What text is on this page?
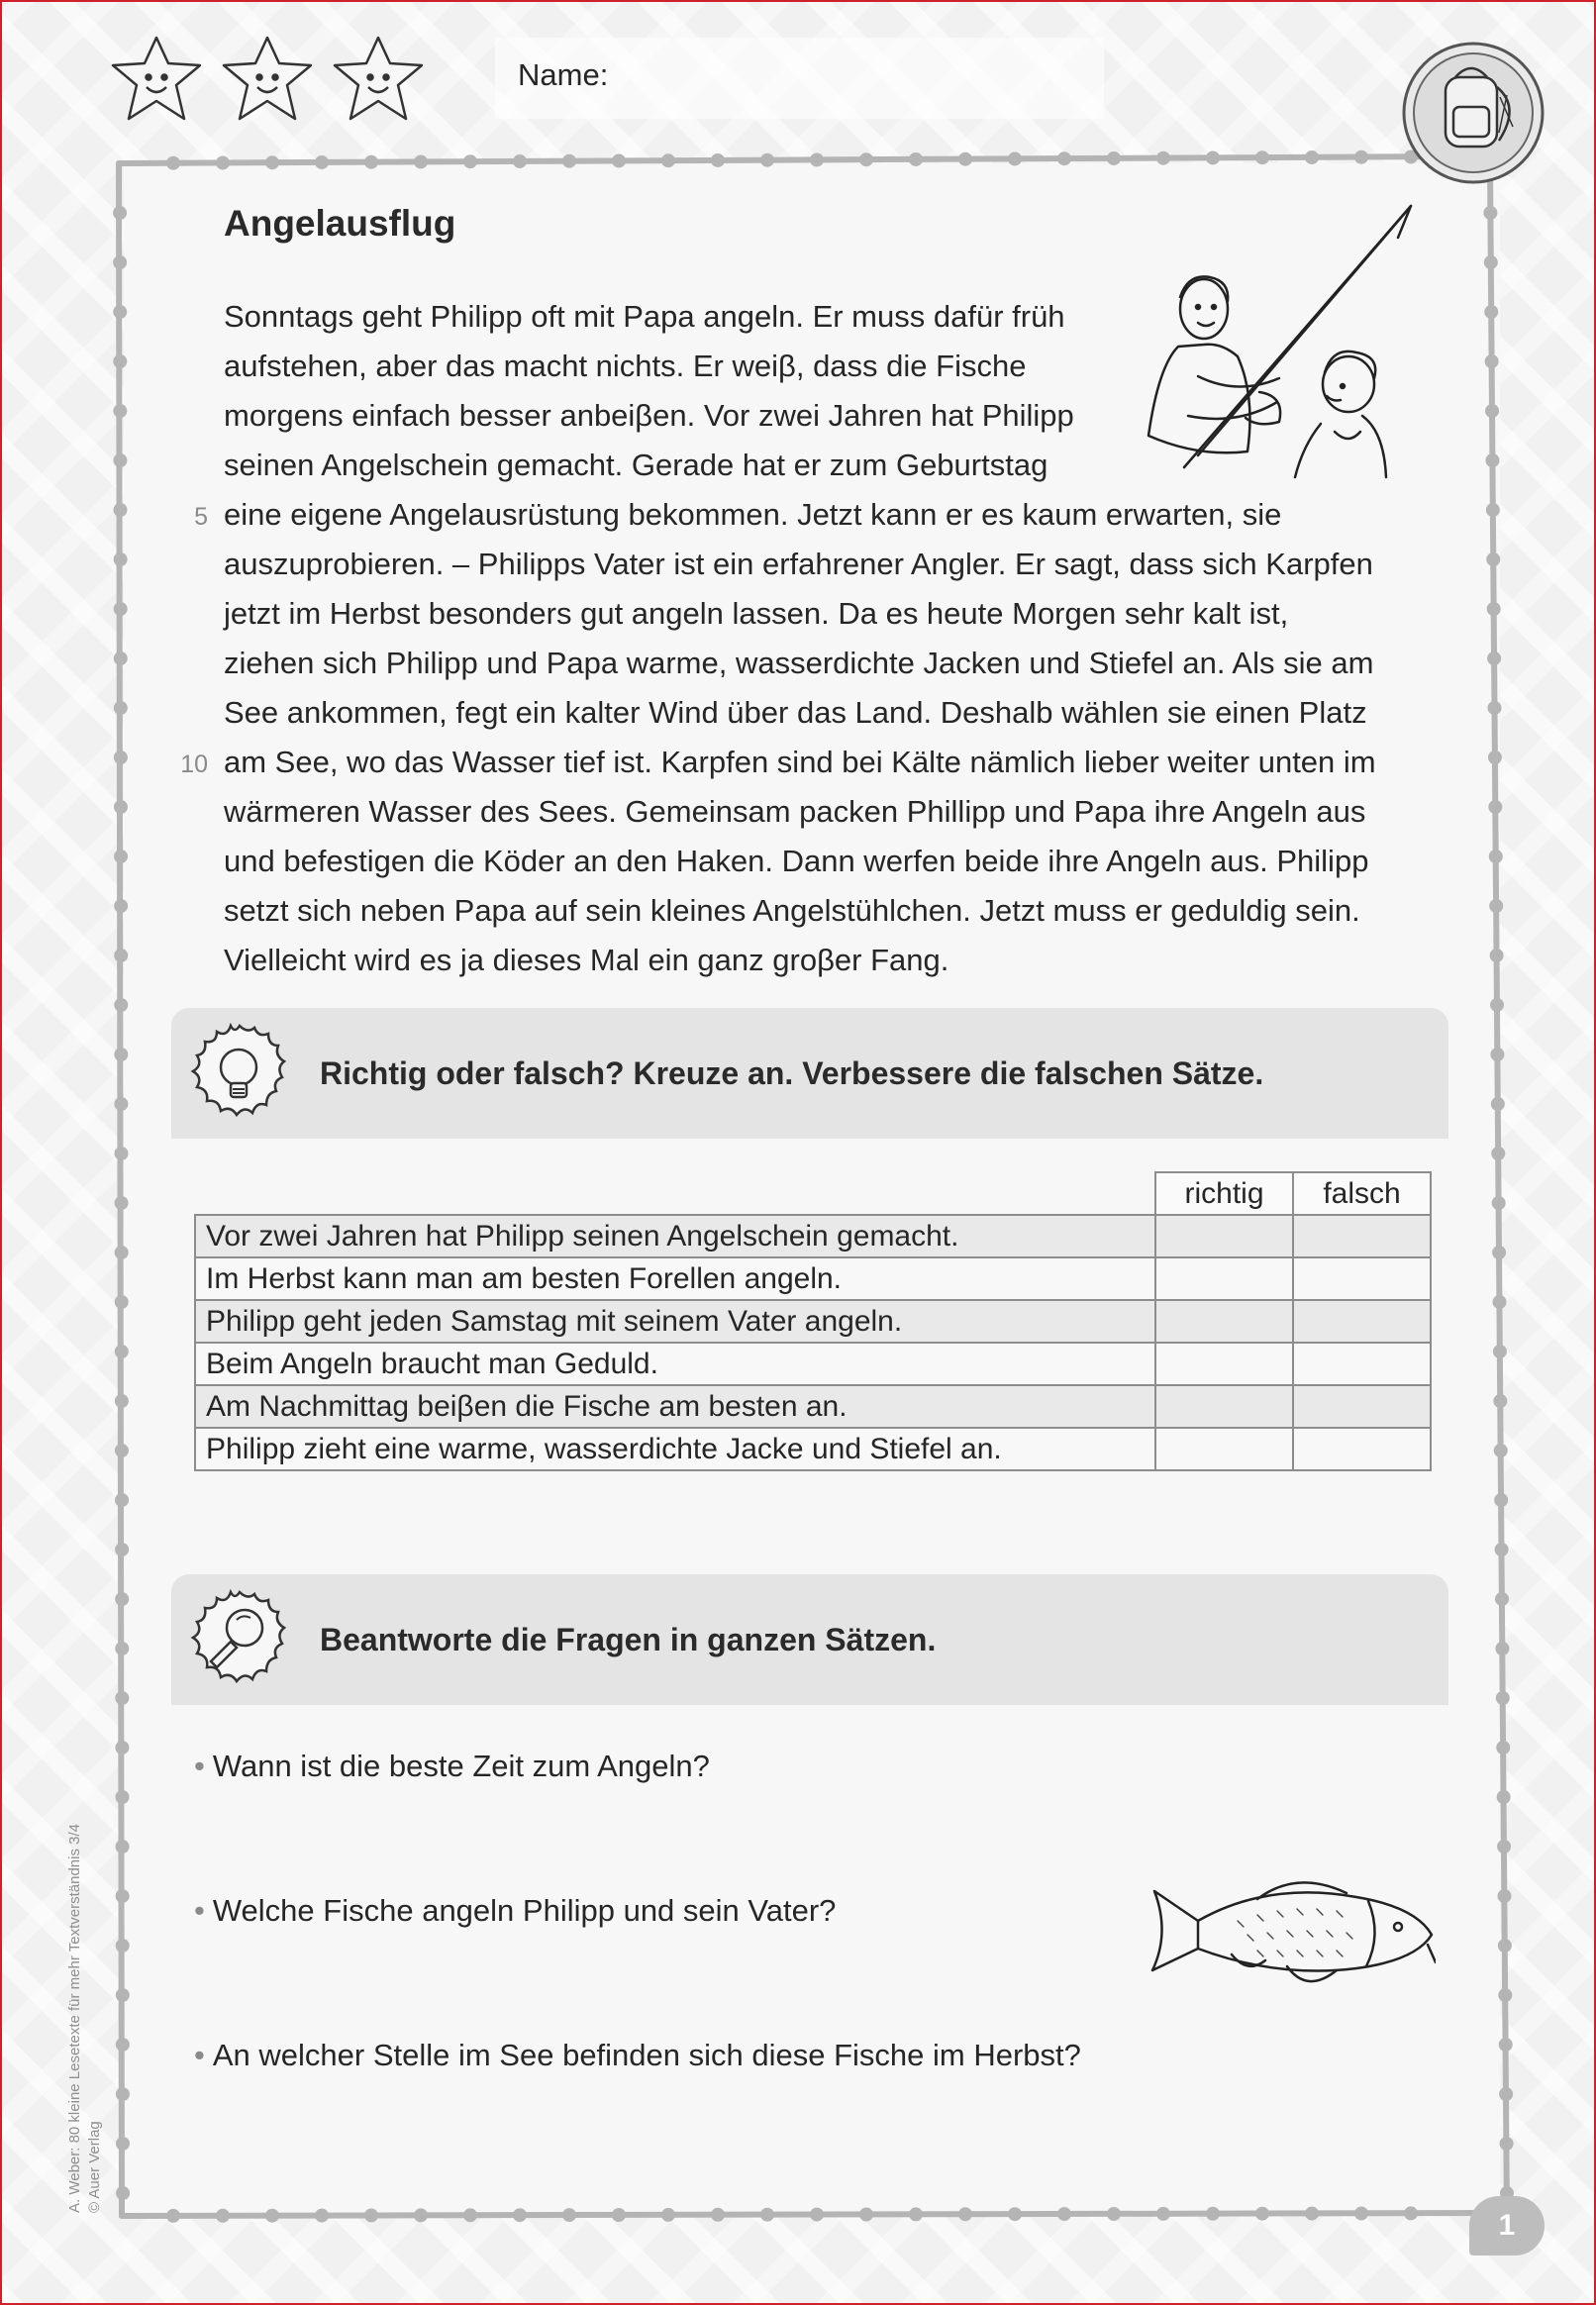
Name:
Angelausflug
Sonntags geht Philipp oft mit Papa angeln. Er muss dafür früh
aufstehen, aber das macht nichts. Er weiβ, dass die Fische
morgens einfach besser anbeiβen. Vor zwei Jahren hat Philipp
seinen Angelschein gemacht. Gerade hat er zum Geburtstag
eine eigene Angelausrüstung bekommen. Jetzt kann er es kaum erwarten, sie
auszuprobieren. – Philipps Vater ist ein erfahrener Angler. Er sagt, dass sich Karpfen
jetzt im Herbst besonders gut angeln lassen. Da es heute Morgen sehr kalt ist,
ziehen sich Philipp und Papa warme, wasserdichte Jacken und Stiefel an. Als sie am
See ankommen, fegt ein kalter Wind über das Land. Deshalb wählen sie einen Platz
am See, wo das Wasser tief ist. Karpfen sind bei Kälte nämlich lieber weiter unten im
wärmeren Wasser des Sees. Gemeinsam packen Phillipp und Papa ihre Angeln aus
und befestigen die Köder an den Haken. Dann werfen beide ihre Angeln aus. Philipp
setzt sich neben Papa auf sein kleines Angelstühlchen. Jetzt muss er geduldig sein.
Vielleicht wird es ja dieses Mal ein ganz groβer Fang.
5
10
Richtig oder falsch? Kreuze an. Verbessere die falschen Sätze.
	richtig	falsch
Vor zwei Jahren hat Philipp seinen Angelschein gemacht.		
Im Herbst kann man am besten Forellen angeln.		
Philipp geht jeden Samstag mit seinem Vater angeln.		
Beim Angeln braucht man Geduld.		
Am Nachmittag beiβen die Fische am besten an.		
Philipp zieht eine warme, wasserdichte Jacke und Stiefel an.		
Beantworte die Fragen in ganzen Sätzen.
• Wann ist die beste Zeit zum Angeln?
• Welche Fische angeln Philipp und sein Vater?
• An welcher Stelle im See befinden sich diese Fische im Herbst?
A. Weber: 80 kleine Lesetexte für mehr Textverständnis 3/4 © Auer Verlag
1
